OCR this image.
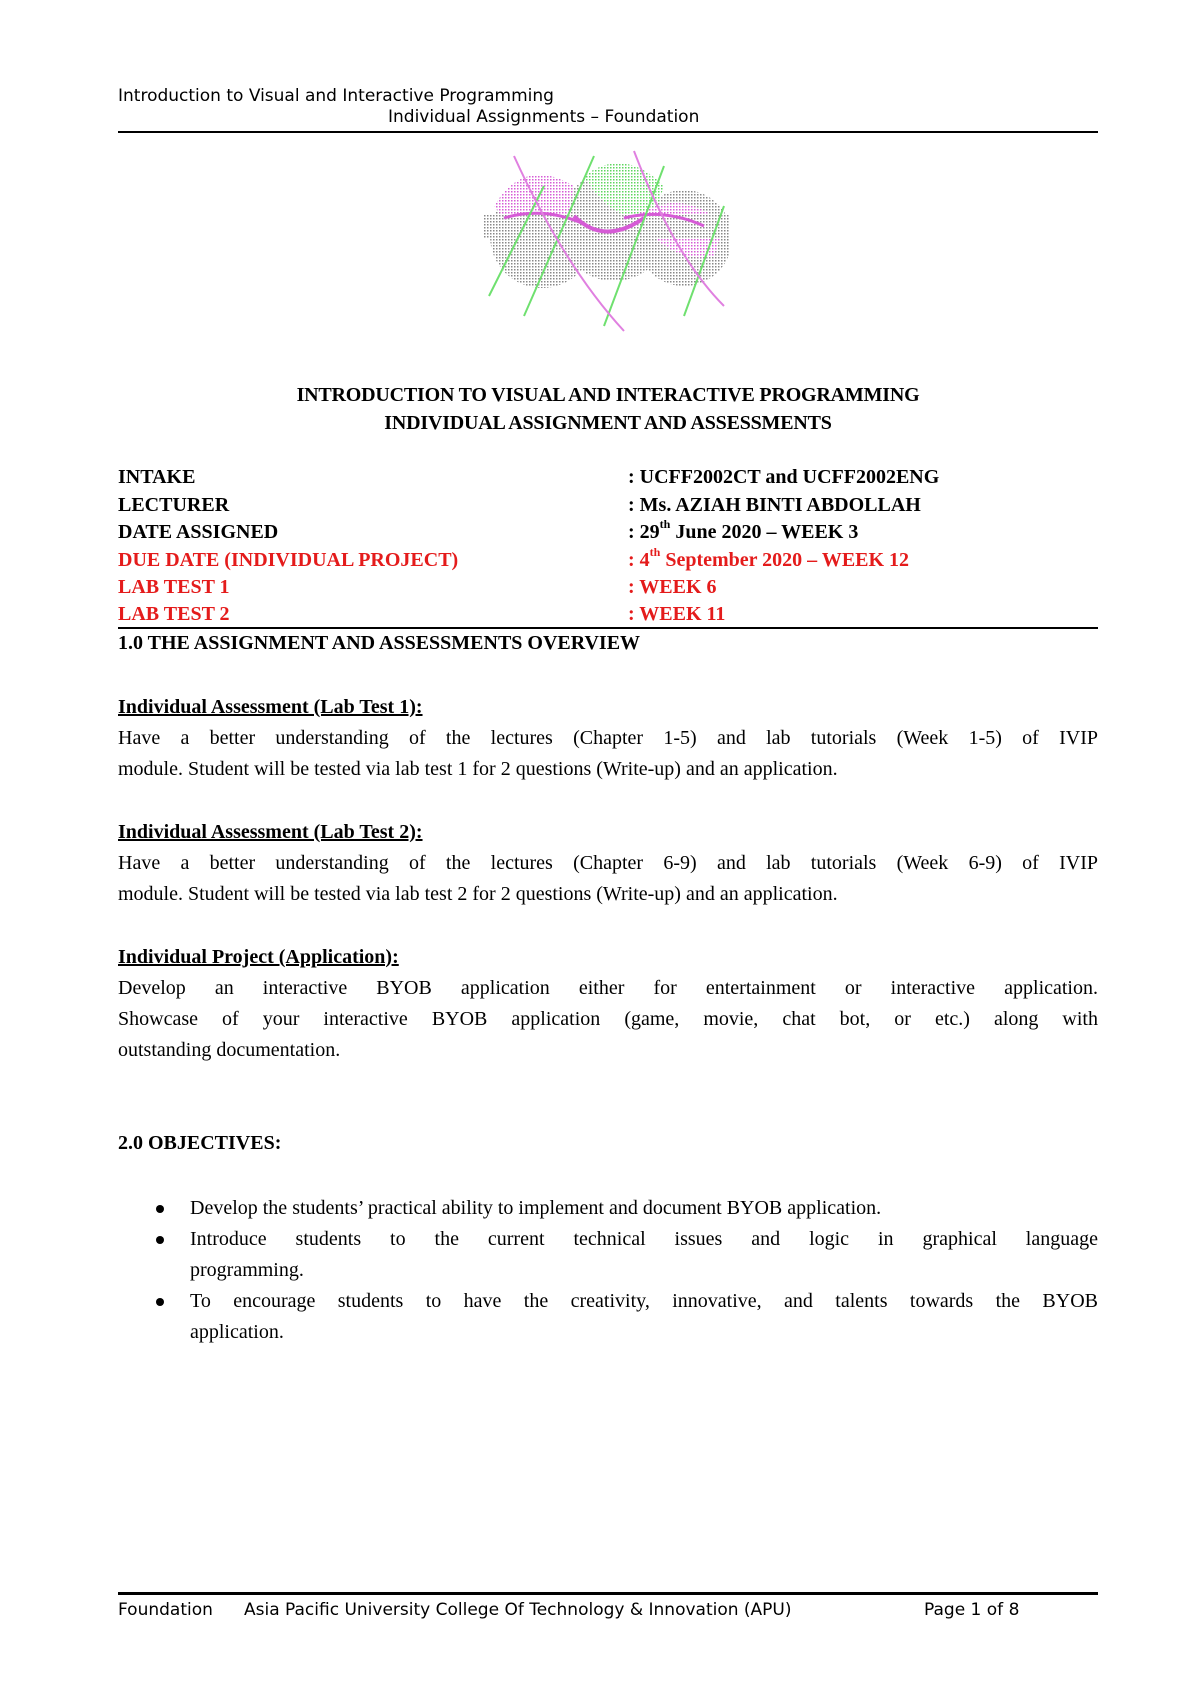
Introduction to Visual and Interactive Programming
Individual Assignments – Foundation
INTRODUCTION TO VISUAL AND INTERACTIVE PROGRAMMING
INDIVIDUAL ASSIGNMENT AND ASSESSMENTS
INTAKE	: UCFF2002CT and UCFF2002ENG
LECTURER	: Ms. AZIAH BINTI ABDOLLAH
DATE ASSIGNED	: 29th June 2020 – WEEK 3
DUE DATE (INDIVIDUAL PROJECT)	: 4th September 2020 – WEEK 12
LAB TEST 1	: WEEK 6
LAB TEST 2	: WEEK 11
1.0 THE ASSIGNMENT AND ASSESSMENTS OVERVIEW
Individual Assessment (Lab Test 1):
Have a better understanding of the lectures (Chapter 1-5) and lab tutorials (Week 1-5) of IVIP
module. Student will be tested via lab test 1 for 2 questions (Write-up) and an application.
Individual Assessment (Lab Test 2):
Have a better understanding of the lectures (Chapter 6-9) and lab tutorials (Week 6-9) of IVIP
module. Student will be tested via lab test 2 for 2 questions (Write-up) and an application.
Individual Project (Application):
Develop an interactive BYOB application either for entertainment or interactive application.
Showcase of your interactive BYOB application (game, movie, chat bot, or etc.) along with
outstanding documentation.
2.0 OBJECTIVES:
Develop the students’ practical ability to implement and document BYOB application.
Introduce students to the current technical issues and logic in graphical language
programming.
To encourage students to have the creativity, innovative, and talents towards the BYOB
application.
Foundation Asia Pacific University College Of Technology & Innovation (APU)	Page 1 of 8
